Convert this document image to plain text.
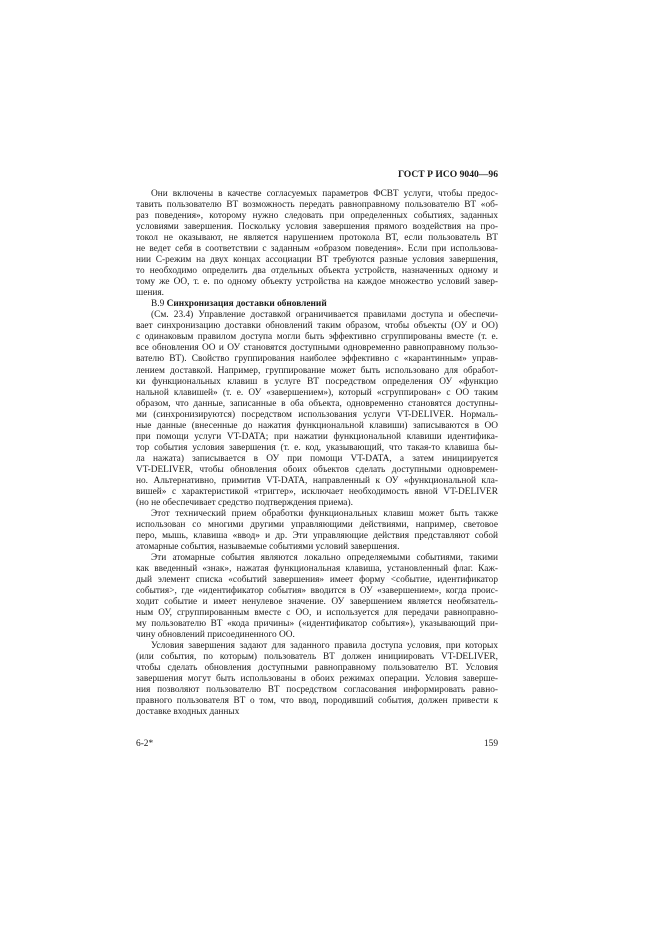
ГОСТ Р ИСО 9040—96
Они включены в качестве согласуемых параметров ФСВТ услуги, чтобы предос-
тавить пользователю ВТ возможность передать равноправному пользователю ВТ «об-
раз поведения», которому нужно следовать при определенных событиях, заданных
условиями завершения. Поскольку условия завершения прямого воздействия на про-
токол не оказывают, не является нарушением протокола ВТ, если пользователь ВТ
не ведет себя в соответствии с заданным «образом поведения». Если при использова-
нии С-режим на двух концах ассоциации ВТ требуются разные условия завершения,
то необходимо определить два отдельных объекта устройств, назначенных одному и
тому же ОО, т. е. по одному объекту устройства на каждое множество условий завер-
шения.
В.9 Синхронизация доставки обновлений
(См. 23.4) Управление доставкой ограничивается правилами доступа и обеспечи-
вает синхронизацию доставки обновлений таким образом, чтобы объекты (ОУ и ОО)
с одинаковым правилом доступа могли быть эффективно сгруппированы вместе (т. е.
все обновления ОО и ОУ становятся доступными одновременно равноправному пользо-
вателю ВТ). Свойство группирования наиболее эффективно с «карантинным» управ-
лением доставкой. Например, группирование может быть использовано для обработ-
ки функциональных клавиш в услуге ВТ посредством определения ОУ «функцио
нальной клавишей» (т. е. ОУ «завершением»), который «сгруппирован» с ОО таким
образом, что данные, записанные в оба объекта, одновременно становятся доступны-
ми (синхронизируются) посредством использования услуги VT-DELIVER. Нормаль-
ные данные (внесенные до нажатия функциональной клавиши) записываются в ОО
при помощи услуги VT-DATA; при нажатии функциональной клавиши идентифика-
тор события условия завершения (т. е. код, указывающий, что такая-то клавиша бы-
ла нажата) записывается в ОУ при помощи VT-DATA, а затем инициируется
VT-DELIVER, чтобы обновления обоих объектов сделать доступными одновремен-
но. Альтернативно, примитив VT-DATA, направленный к ОУ «функциональной кла-
вишей» с характеристикой «триггер», исключает необходимость явной VT-DELIVER
(но не обеспечивает средство подтверждения приема).
Этот технический прием обработки функциональных клавиш может быть также
использован со многими другими управляющими действиями, например, световое
перо, мышь, клавиша «ввод» и др. Эти управляющие действия представляют собой
атомарные события, называемые событиями условий завершения.
Эти атомарные события являются локально определяемыми событиями, такими
как введенный «знак», нажатая функциональная клавиша, установленный флаг. Каж-
дый элемент списка «событий завершения» имеет форму <событие, идентификатор
события>, где «идентификатор события» вводится в ОУ «завершением», когда проис-
ходит событие и имеет ненулевое значение. ОУ завершением является необязатель-
ным ОУ, сгруппированным вместе с ОО, и используется для передачи равноправно-
му пользователю ВТ «кода причины» («идентификатор события»), указывающий при-
чину обновлений присоединенного ОО.
Условия завершения задают для заданного правила доступа условия, при которых
(или события, по которым) пользователь ВТ должен инициировать VT-DELIVER,
чтобы сделать обновления доступными равноправному пользователю ВТ. Условия
завершения могут быть использованы в обоих режимах операции. Условия заверше-
ния позволяют пользователю ВТ посредством согласования информировать равно-
правного пользователя ВТ о том, что ввод, породивший события, должен привести к
доставке входных данных
6-2*	159
